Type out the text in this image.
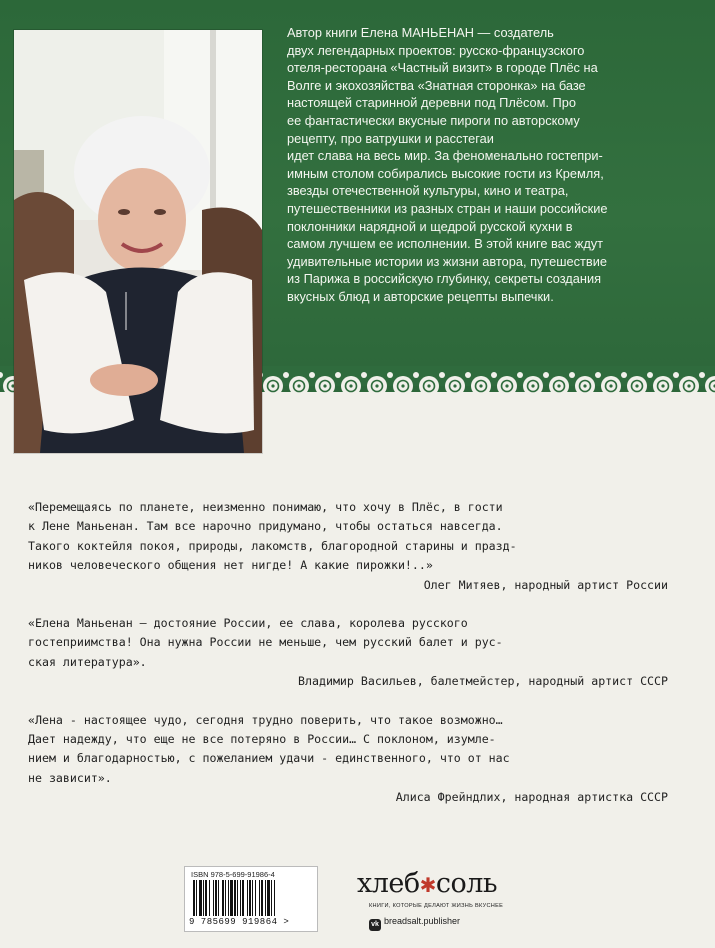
Автор книги Елена МАНЬЕНАН — создатель
двух легендарных проектов: русско-французского
отеля-ресторана «Частный визит» в городе Плёс на
Волге и экохозяйства «Знатная сторонка» на базе
настоящей старинной деревни под Плёсом. Про
ее фантастически вкусные пироги по авторскому
рецепту, про ватрушки и расстегаи
идет слава на весь мир. За феноменально гостепри-
имным столом собирались высокие гости из Кремля,
звезды отечественной культуры, кино и театра,
путешественники из разных стран и наши российские
поклонники нарядной и щедрой русской кухни в
самом лучшем ее исполнении. В этой книге вас ждут
удивительные истории из жизни автора, путешествие
из Парижа в российскую глубинку, секреты создания
вкусных блюд и авторские рецепты выпечки.
«Перемещаясь по планете, неизменно понимаю, что хочу в Плёс, в гости
к Лене Маньенан. Там все нарочно придумано, чтобы остаться навсегда.
Такого коктейля покоя, природы, лакомств, благородной старины и празд-
ников человеческого общения нет нигде! А какие пирожки!..»
Олег Митяев, народный артист России
«Елена Маньенан — достояние России, ее слава, королева русского
гостеприимства! Она нужна России не меньше, чем русский балет и рус-
ская литература».
Владимир Васильев, балетмейстер, народный артист СССР
«Лена - настоящее чудо, сегодня трудно поверить, что такое возможно…
Дает надежду, что еще не все потеряно в России… С поклоном, изумле-
нием и благодарностью, с пожеланием удачи - единственного, что от нас
не зависит».
Алиса Фрейндлих, народная артистка СССР
ISBN 978-5-699-91986-4
9 785699 919864 >
хлеб✱соль
КНИГИ, КОТОРЫЕ ДЕЛАЮТ ЖИЗНЬ ВКУСНЕЕ
vk breadsalt.publisher
